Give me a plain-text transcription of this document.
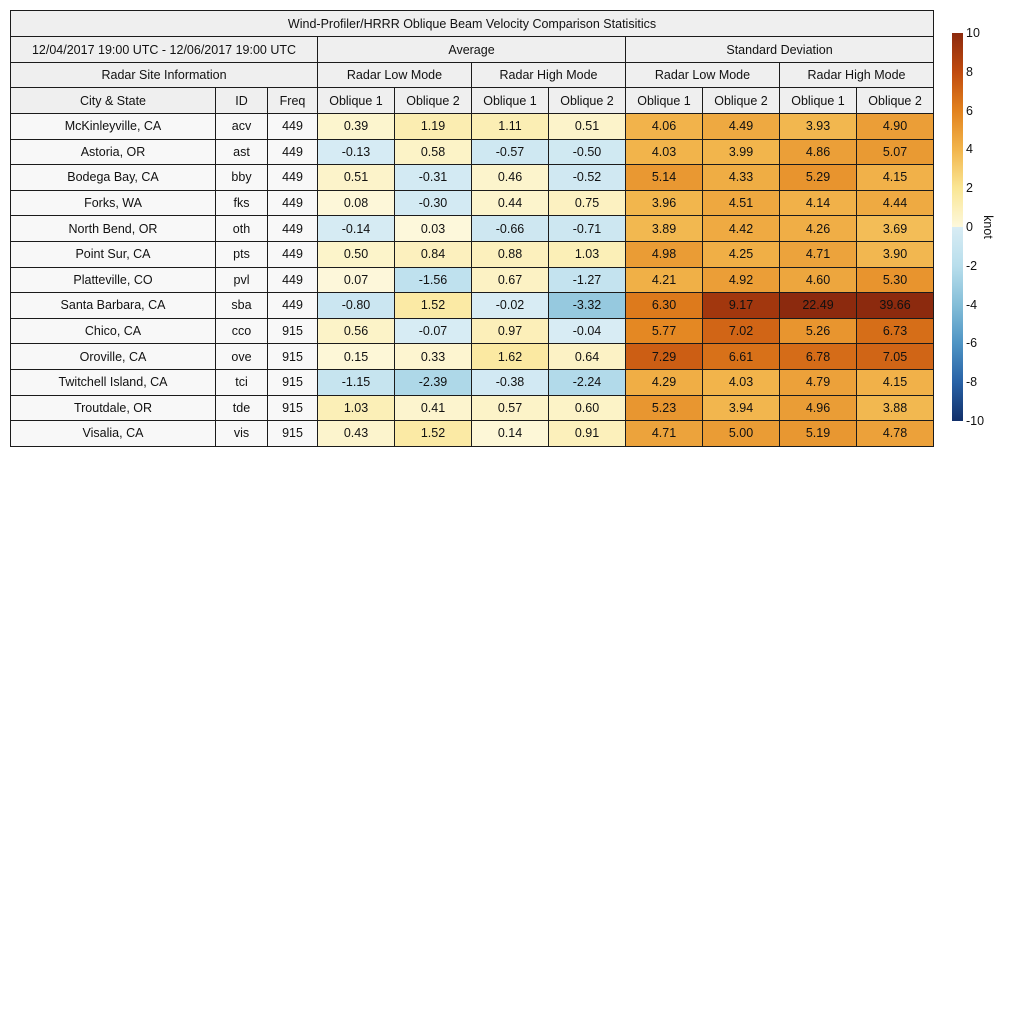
Wind-Profiler/HRRR Oblique Beam Velocity Comparison Statisitics										
12/04/2017 19:00 UTC - 12/06/2017 19:00 UTC			Average				Standard Deviation			
Radar Site Information			Radar Low Mode		Radar High Mode		Radar Low Mode		Radar High Mode	
City & State	ID	Freq	Oblique 1	Oblique 2	Oblique 1	Oblique 2	Oblique 1	Oblique 2	Oblique 1	Oblique 2
McKinleyville, CA	acv	449	0.39	1.19	1.11	0.51	4.06	4.49	3.93	4.90
Astoria, OR	ast	449	-0.13	0.58	-0.57	-0.50	4.03	3.99	4.86	5.07
Bodega Bay, CA	bby	449	0.51	-0.31	0.46	-0.52	5.14	4.33	5.29	4.15
Forks, WA	fks	449	0.08	-0.30	0.44	0.75	3.96	4.51	4.14	4.44
North Bend, OR	oth	449	-0.14	0.03	-0.66	-0.71	3.89	4.42	4.26	3.69
Point Sur, CA	pts	449	0.50	0.84	0.88	1.03	4.98	4.25	4.71	3.90
Platteville, CO	pvl	449	0.07	-1.56	0.67	-1.27	4.21	4.92	4.60	5.30
Santa Barbara, CA	sba	449	-0.80	1.52	-0.02	-3.32	6.30	9.17	22.49	39.66
Chico, CA	cco	915	0.56	-0.07	0.97	-0.04	5.77	7.02	5.26	6.73
Oroville, CA	ove	915	0.15	0.33	1.62	0.64	7.29	6.61	6.78	7.05
Twitchell Island, CA	tci	915	-1.15	-2.39	-0.38	-2.24	4.29	4.03	4.79	4.15
Troutdale, OR	tde	915	1.03	0.41	0.57	0.60	5.23	3.94	4.96	3.88
Visalia, CA	vis	915	0.43	1.52	0.14	0.91	4.71	5.00	5.19	4.78
10
8
6
4
2
0
-2
-4
-6
-8
-10
knot
